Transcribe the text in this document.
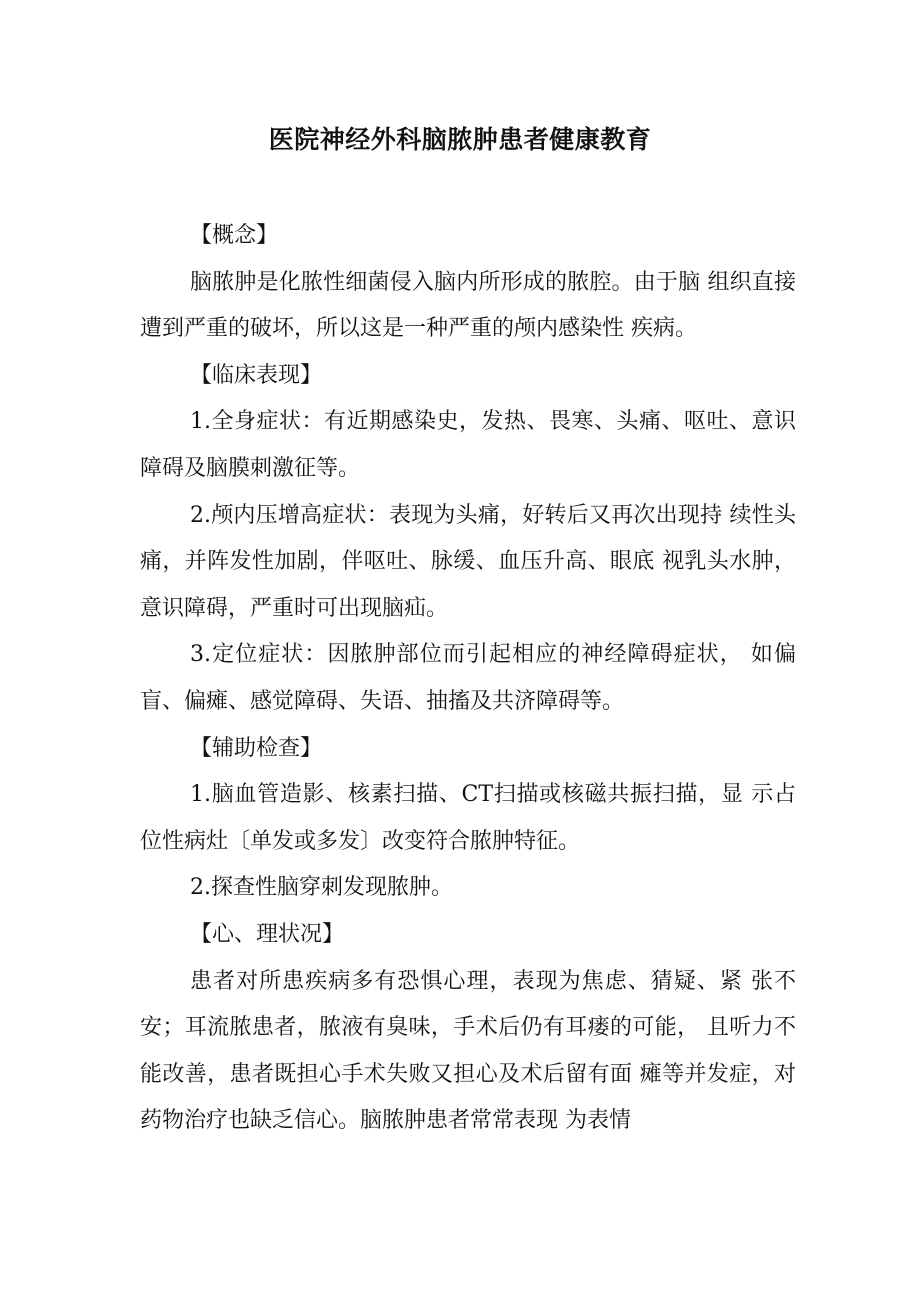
医院神经外科脑脓肿患者健康教育

【概念】

脑脓肿是化脓性细菌侵入脑内所形成的脓腔。由于脑 组织直接遭到严重的破坏，所以这是一种严重的颅内感染性 疾病。

【临床表现】

1.全身症状：有近期感染史，发热、畏寒、头痛、呕吐、意识障碍及脑膜刺激征等。

2.颅内压增高症状：表现为头痛，好转后又再次出现持 续性头痛，并阵发性加剧，伴呕吐、脉缓、血压升高、眼底 视乳头水肿，意识障碍，严重时可出现脑疝。

3.定位症状：因脓肿部位而引起相应的神经障碍症状， 如偏盲、偏瘫、感觉障碍、失语、抽搐及共济障碍等。

【辅助检查】

1.脑血管造影、核素扫描、CT扫描或核磁共振扫描，显 示占位性病灶〔单发或多发〕改变符合脓肿特征。

2.探查性脑穿刺发现脓肿。

【心、理状况】

患者对所患疾病多有恐惧心理，表现为焦虑、猜疑、紧 张不安；耳流脓患者，脓液有臭味，手术后仍有耳瘘的可能， 且听力不能改善，患者既担心手术失败又担心及术后留有面 瘫等并发症，对药物治疗也缺乏信心。脑脓肿患者常常表现 为表情
